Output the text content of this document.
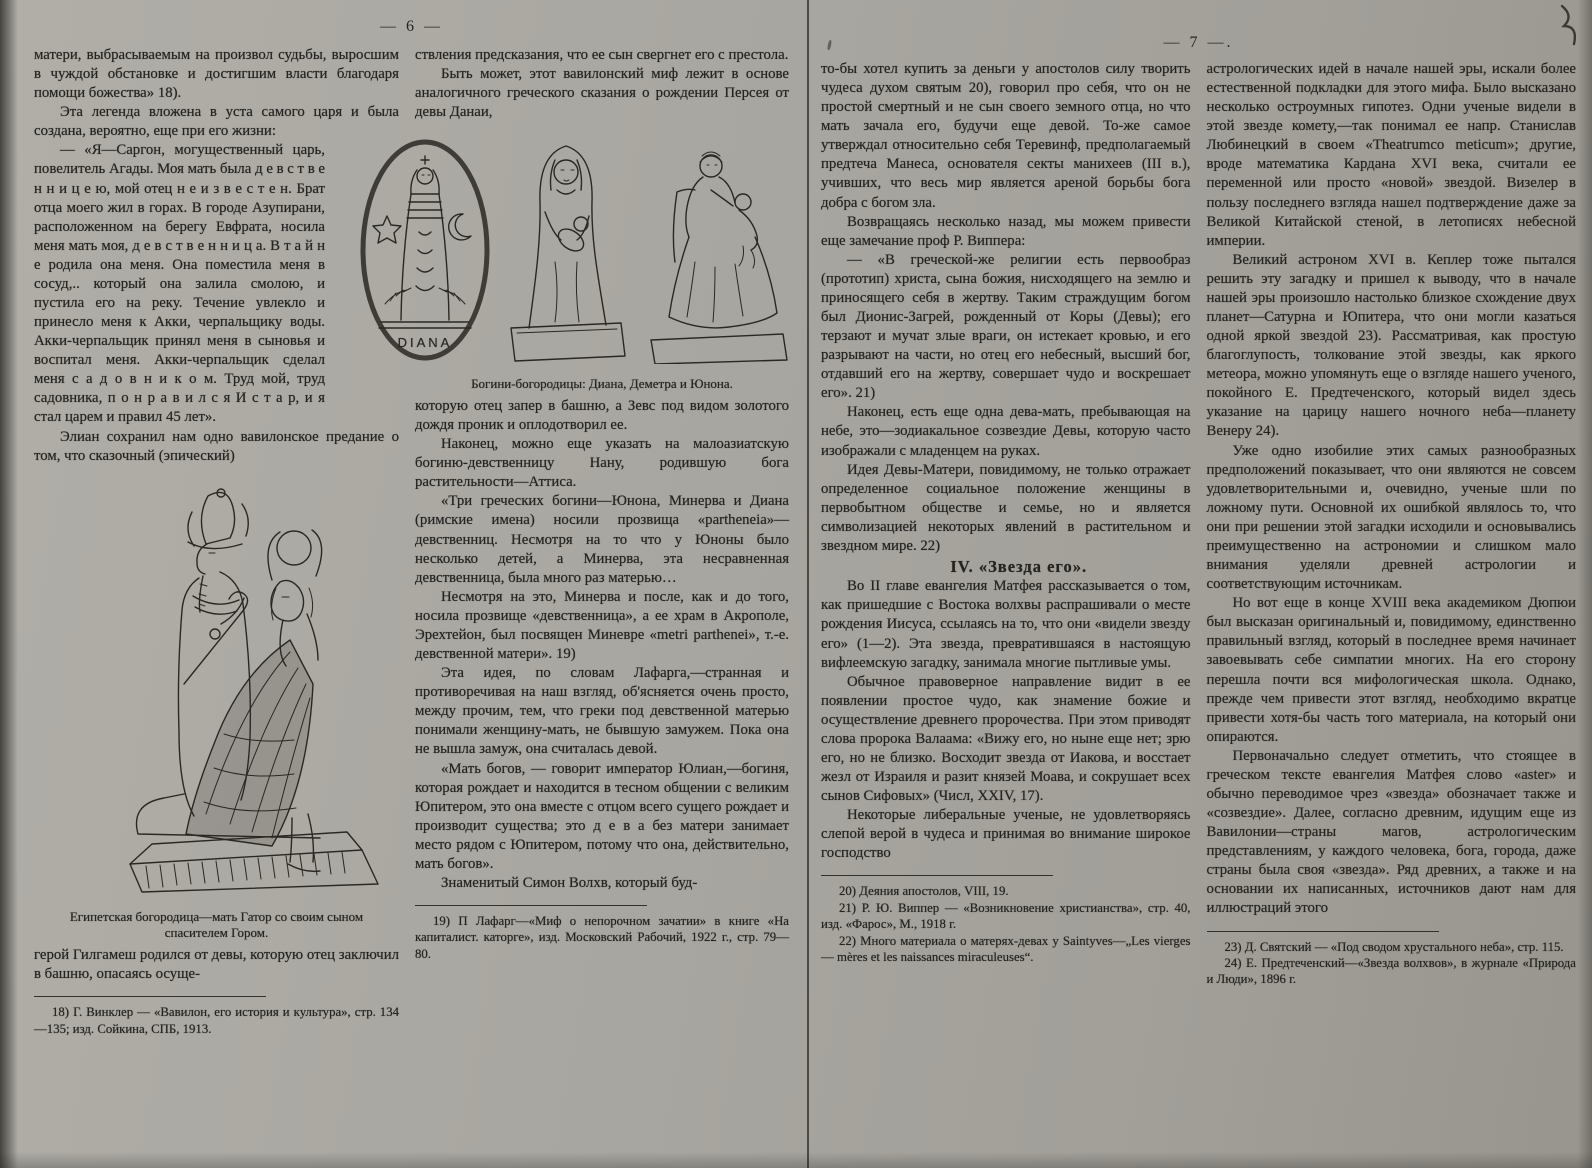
— 6 —

матери, выбрасываемым на произвол судьбы, выросшим в чуждой обстановке и достигшим власти благодаря помощи божества» 18).

Эта легенда вложена в уста самого царя и была создана, вероятно, еще при его жизни:

— «Я—Саргон, могущественный царь, повелитель Агады. Моя мать была д е в с т в е н н и ц е ю, мой отец н е и з в е с т е н. Брат отца моего жил в горах. В городе Азупирани, расположенном на берегу Евфрата, носила меня мать моя, д е в с т в е н н и ц а. В т а й н е родила она меня. Она поместила меня в сосуд,.. который она залила смолою, и пустила его на реку. Течение увлекло и принесло меня к Акки, черпальщику воды. Акки-черпальщик принял меня в сыновья и воспитал меня. Акки-черпальщик сделал меня с а д о в н и к о м. Труд мой, труд садовника, п о н р а в и л с я И с т а р, и я стал царем и правил 45 лет».

Элиан сохранил нам одно вавилонское предание о том, что сказочный (эпический)

Египетская богородица—мать Гатор со своим сыном спасителем Гором.

герой Гилгамеш родился от девы, которую отец заключил в башню, опасаясь осуще-

18) Г. Винклер — «Вавилон, его история и культура», стр. 134—135; изд. Сойкина, СПБ, 1913.

ствления предсказания, что ее сын свергнет его с престола.

Быть может, этот вавилонский миф лежит в основе аналогичного греческого сказания о рождении Персея от девы Данаи,

DIANA
Богини-богородицы: Диана, Деметра и Юнона.

которую отец запер в башню, а Зевс под видом золотого дождя проник и оплодотворил ее.

Наконец, можно еще указать на малоазиатскую богиню-девственницу Нану, родившую бога растительности—Аттиса.

«Три греческих богини—Юнона, Минерва и Диана (римские имена) носили прозвища «partheneia»—девственниц. Несмотря на то что у Юноны было несколько детей, а Минерва, эта несравненная девственница, была много раз матерью…

Несмотря на это, Минерва и после, как и до того, носила прозвище «девственница», а ее храм в Акрополе, Эрехтейон, был посвящен Миневре «metri parthenei», т.-е. девственной матери». 19)

Эта идея, по словам Лафарга,—странная и противоречивая на наш взгляд, об'ясняется очень просто, между прочим, тем, что греки под девственной матерью понимали женщину-мать, не бывшую замужем. Пока она не вышла замуж, она считалась девой.

«Мать богов, — говорит император Юлиан,—богиня, которая рождает и находится в тесном общении с великим Юпитером, это она вместе с отцом всего сущего рождает и производит существа; это д е в а без матери занимает место рядом с Юпитером, потому что она, действительно, мать богов».

Знаменитый Симон Волхв, который буд-

19) П Лафарг—«Миф о непорочном зачатии» в книге «На капиталист. каторге», изд. Московский Рабочий, 1922 г., стр. 79—80.

— 7 —.

то-бы хотел купить за деньги у апостолов силу творить чудеса духом святым 20), говорил про себя, что он не простой смертный и не сын своего земного отца, но что мать зачала его, будучи еще девой. То-же самое утверждал относительно себя Теревинф, предполагаемый предтеча Манеса, основателя секты манихеев (III в.), учивших, что весь мир является ареной борьбы бога добра с богом зла.

Возвращаясь несколько назад, мы можем привести еще замечание проф Р. Виппера:

— «В греческой-же религии есть первообраз (прототип) христа, сына божия, нисходящего на землю и приносящего себя в жертву. Таким страждущим богом был Дионис-Загрей, рожденный от Коры (Девы); его терзают и мучат злые враги, он истекает кровью, и его разрывают на части, но отец его небесный, высший бог, отдавший его на жертву, совершает чудо и воскрешает его». 21)

Наконец, есть еще одна дева-мать, пребывающая на небе, это—зодиакальное созвездие Девы, которую часто изображали с младенцем на руках.

Идея Девы-Матери, повидимому, не только отражает определенное социальное положение женщины в первобытном обществе и семье, но и является символизацией некоторых явлений в растительном и звездном мире. 22)

IV. «Звезда его».

Во II главе евангелия Матфея рассказывается о том, как пришедшие с Востока волхвы распрашивали о месте рождения Иисуса, ссылаясь на то, что они «видели звезду его» (1—2). Эта звезда, превратившаяся в настоящую вифлеемскую загадку, занимала многие пытливые умы.

Обычное правоверное направление видит в ее появлении простое чудо, как знамение божие и осуществление древнего пророчества. При этом приводят слова пророка Валаама: «Вижу его, но ныне еще нет; зрю его, но не близко. Восходит звезда от Иакова, и восстает жезл от Израиля и разит князей Моава, и сокрушает всех сынов Сифовых» (Числ, XXIV, 17).

Некоторые либеральные ученые, не удовлетворяясь слепой верой в чудеса и принимая во внимание широкое господство

20) Деяния апостолов, VIII, 19.

21) Р. Ю. Виппер — «Возникновение христианства», стр. 40, изд. «Фарос», М., 1918 г.

22) Много материала о матерях-девах у Saintyves—„Les vierges — mères et les naissances miraculeuses“.

астрологических идей в начале нашей эры, искали более естественной подкладки для этого мифа. Было высказано несколько остроумных гипотез. Одни ученые видели в этой звезде комету,—так понимал ее напр. Станислав Любинецкий в своем «Theatrumco meticum»; другие, вроде математика Кардана XVI века, считали ее переменной или просто «новой» звездой. Визелер в пользу последнего взгляда нашел подтверждение даже за Великой Китайской стеной, в летописях небесной империи.

Великий астроном XVI в. Кеплер тоже пытался решить эту загадку и пришел к выводу, что в начале нашей эры произошло настолько близкое схождение двух планет—Сатурна и Юпитера, что они могли казаться одной яркой звездой 23). Рассматривая, как простую благоглупость, толкование этой звезды, как яркого метеора, можно упомянуть еще о взгляде нашего ученого, покойного Е. Предтеченского, который видел здесь указание на царицу нашего ночного неба—планету Венеру 24).

Уже одно изобилие этих самых разнообразных предположений показывает, что они являются не совсем удовлетворительными и, очевидно, ученые шли по ложному пути. Основной их ошибкой являлось то, что они при решении этой загадки исходили и основывались преимущественно на астрономии и слишком мало внимания уделяли древней астрологии и соответствующим источникам.

Но вот еще в конце XVIII века академиком Дюпюи был высказан оригинальный и, повидимому, единственно правильный взгляд, который в последнее время начинает завоевывать себе симпатии многих. На его сторону перешла почти вся мифологическая школа. Однако, прежде чем привести этот взгляд, необходимо вкратце привести хотя-бы часть того материала, на который они опираются.

Первоначально следует отметить, что стоящее в греческом тексте евангелия Матфея слово «aster» и обычно переводимое чрез «звезда» обозначает также и «созвездие». Далее, согласно древним, идущим еще из Вавилонии—страны магов, астрологическим представлениям, у каждого человека, бога, города, даже страны была своя «звезда». Ряд древних, а также и на основании их написанных, источников дают нам для иллюстраций этого

23) Д. Святский — «Под сводом хрустального неба», стр. 115.

24) Е. Предтеченский—«Звезда волхвов», в журнале «Природа и Люди», 1896 г.
